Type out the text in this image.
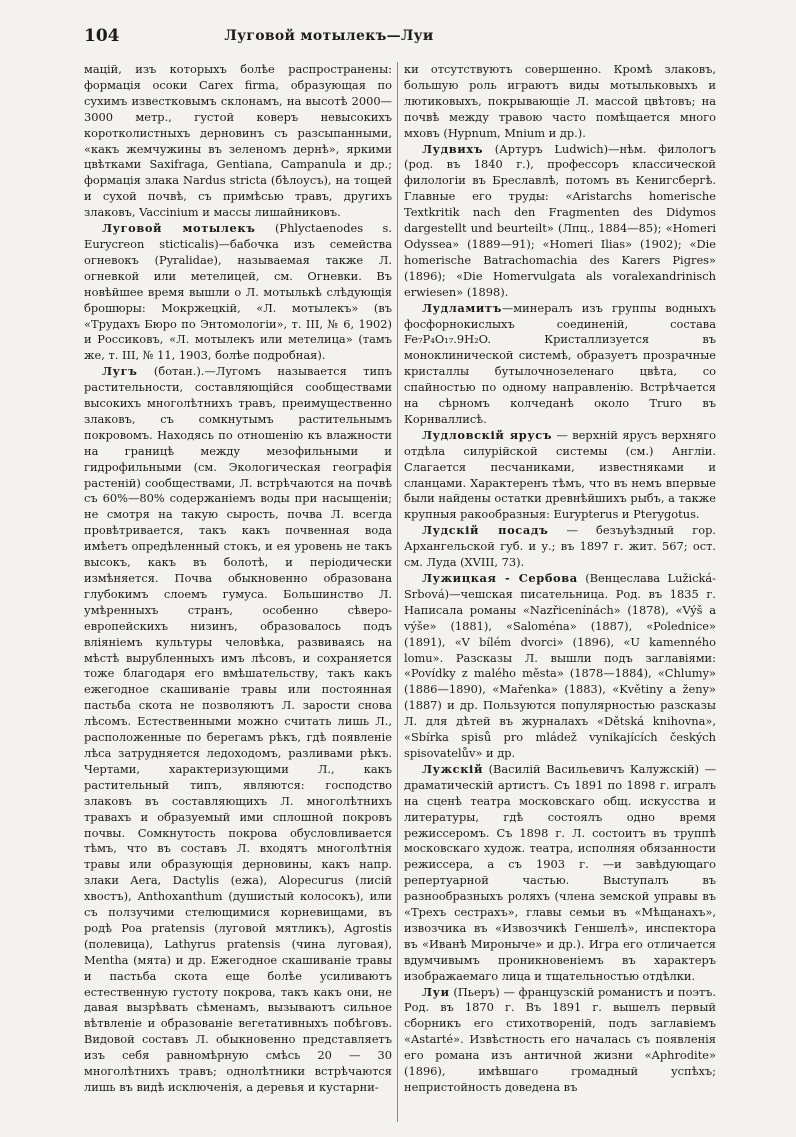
104	Луговой мотылекъ—Луи

мацій, изъ которыхъ болѣе распространены: формація осоки Carex firma, образующая по сухимъ известковымъ склонамъ, на высотѣ 2000—3000 метр., густой коверъ невысокихъ коротколистныхъ дерновинъ съ разсыпанными, «какъ жемчужины въ зеленомъ дернѣ», яркими цвѣтками Saxifraga, Gentiana, Campanula и др.; формація злака Nardus stricta (бѣлоусъ), на тощей и сухой почвѣ, съ примѣсью травъ, другихъ злаковъ, Vaccinium и массы лишайниковъ.

Луговой мотылекъ (Phlyctaenodes s. Eurycreon sticticalis)—бабочка изъ семейства огневокъ (Pyralidae), называемая также Л. огневкой или метелицей, см. Огневки. Въ новѣйшее время вышли о Л. мотылькѣ слѣдующія брошюры: Мокржецкій, «Л. мотылекъ» (въ «Трудахъ Бюро по Энтомологіи», т. III, № 6, 1902) и Россиковъ, «Л. мотылекъ или метелица» (тамъ же, т. III, № 11, 1903, болѣе подробная).

Лугъ (ботан.).—Лугомъ называется типъ растительности, составляющійся сообществами высокихъ многолѣтнихъ травъ, преимущественно злаковъ, съ сомкнутымъ растительнымъ покровомъ. Находясь по отношенію къ влажности на границѣ между мезофильными и гидрофильными (см. Экологическая географія растеній) сообществами, Л. встрѣчаются на почвѣ съ 60%—80% содержаніемъ воды при насыщеніи; не смотря на такую сырость, почва Л. всегда провѣтривается, такъ какъ почвенная вода имѣетъ опредѣленный стокъ, и ея уровень не такъ высокъ, какъ въ болотѣ, и періодически измѣняется. Почва обыкновенно образована глубокимъ слоемъ гумуса. Большинство Л. умѣренныхъ странъ, особенно сѣверо-европейскихъ низинъ, образовалось подъ вліяніемъ культуры человѣка, развиваясь на мѣстѣ вырубленныхъ имъ лѣсовъ, и сохраняется тоже благодаря его вмѣшательству, такъ какъ ежегодное скашиваніе травы или постоянная пастьба скота не позволяютъ Л. зарости снова лѣсомъ. Естественными можно считать лишь Л., расположенные по берегамъ рѣкъ, гдѣ появленіе лѣса затрудняется ледоходомъ, разливами рѣкъ. Чертами, характеризующими Л., какъ растительный типъ, являются: господство злаковъ въ составляющихъ Л. многолѣтнихъ травахъ и образуемый ими сплошной покровъ почвы. Сомкнутость покрова обусловливается тѣмъ, что въ составъ Л. входятъ многолѣтнія травы или образующія дерновины, какъ напр. злаки Aera, Dactylis (ежа), Alopecurus (лисій хвостъ), Anthoxanthum (душистый колосокъ), или съ ползучими стелющимися корневищами, въ родѣ Poa pratensis (луговой мятликъ), Agrostis (полевица), Lathyrus pratensis (чина луговая), Mentha (мята) и др. Ежегодное скашиваніе травы и пастьба скота еще болѣе усиливаютъ естественную густоту покрова, такъ какъ они, не давая вызрѣвать сѣменамъ, вызываютъ сильное вѣтвленіе и образованіе вегетативныхъ побѣговъ. Видовой составъ Л. обыкновенно представляетъ изъ себя равномѣрную смѣсь 20 — 30 многолѣтнихъ травъ; однолѣтники встрѣчаются лишь въ видѣ исключенія, а деревья и кустарни-

ки отсутствуютъ совершенно. Кромѣ злаковъ, большую роль играютъ виды мотыльковыхъ и лютиковыхъ, покрывающіе Л. массой цвѣтовъ; на почвѣ между травою часто помѣщается много мховъ (Hypnum, Mnium и др.).

Лудвихъ (Артуръ Ludwich)—нѣм. филологъ (род. въ 1840 г.), профессоръ классической филологіи въ Бреславлѣ, потомъ въ Кенигсбергѣ. Главные его труды: «Aristarchs homerische Textkritik nach den Fragmenten des Didymos dargestellt und beurteilt» (Лпц., 1884—85); «Homeri Odyssea» (1889—91); «Homeri Ilias» (1902); «Die homerische Batrachomachia des Karers Pigres» (1896); «Die Homervulgata als voralexandrinisch erwiesen» (1898).

Лудламитъ—минералъ изъ группы водныхъ фосфорнокислыхъ соединеній, состава Fe₇P₄O₁₇.9H₂O. Кристаллизуется въ моноклинической системѣ, образуетъ прозрачные кристаллы бутылочнозеленаго цвѣта, со спайностью по одному направленію. Встрѣчается на сѣрномъ колчеданѣ около Truro въ Корнваллисѣ.

Лудловскій ярусъ — верхній ярусъ верхняго отдѣла силурійской системы (см.) Англіи. Слагается песчаниками, известняками и сланцами. Характеренъ тѣмъ, что въ немъ впервые были найдены остатки древнѣйшихъ рыбъ, а также крупныя ракообразныя: Eurypterus и Pterygotus.

Лудскій посадъ — безъуѣздный гор. Архангельской губ. и у.; въ 1897 г. жит. 567; ост. см. Луда (XVIII, 73).

Лужицкая - Сербова (Венцеслава Lužická-Srbová)—чешская писательница. Род. въ 1835 г. Написала романы «Nazřicenínách» (1878), «Výš a výše» (1881), «Saloména» (1887), «Polednice» (1891), «V bílém dvorci» (1896), «U kamenného lomu». Разсказы Л. вышли подъ заглавіями: «Povídky z malého města» (1878—1884), «Chlumy» (1886—1890), «Mařenka» (1883), «Květiny a ženy» (1887) и др. Пользуются популярностью разсказы Л. для дѣтей въ журналахъ «Dětská knihovna», «Sbírka spisů pro mládež vynikajících českých spisovatelův» и др.

Лужскій (Василій Васильевичъ Калужскій) — драматическій артистъ. Съ 1891 по 1898 г. игралъ на сценѣ театра московскаго общ. искусства и литературы, гдѣ состоялъ одно время режиссеромъ. Съ 1898 г. Л. состоитъ въ труппѣ московскаго худож. театра, исполняя обязанности режиссера, а съ 1903 г. —и завѣдующаго репертуарной частью. Выступалъ въ разнообразныхъ роляхъ (члена земской управы въ «Трехъ сестрахъ», главы семьи въ «Мѣщанахъ», извозчика въ «Извозчикѣ Геншелѣ», инспектора въ «Иванѣ Мироныче» и др.). Игра его отличается вдумчивымъ проникновеніемъ въ характеръ изображаемаго лица и тщательностью отдѣлки.

Луи (Пьеръ) — французскій романистъ и поэтъ. Род. въ 1870 г. Въ 1891 г. вышелъ первый сборникъ его стихотвореній, подъ заглавіемъ «Astarté». Извѣстность его началась съ появленія его романа изъ античной жизни «Aphrodite» (1896), имѣвшаго громадный успѣхъ; непристойность доведена въ
